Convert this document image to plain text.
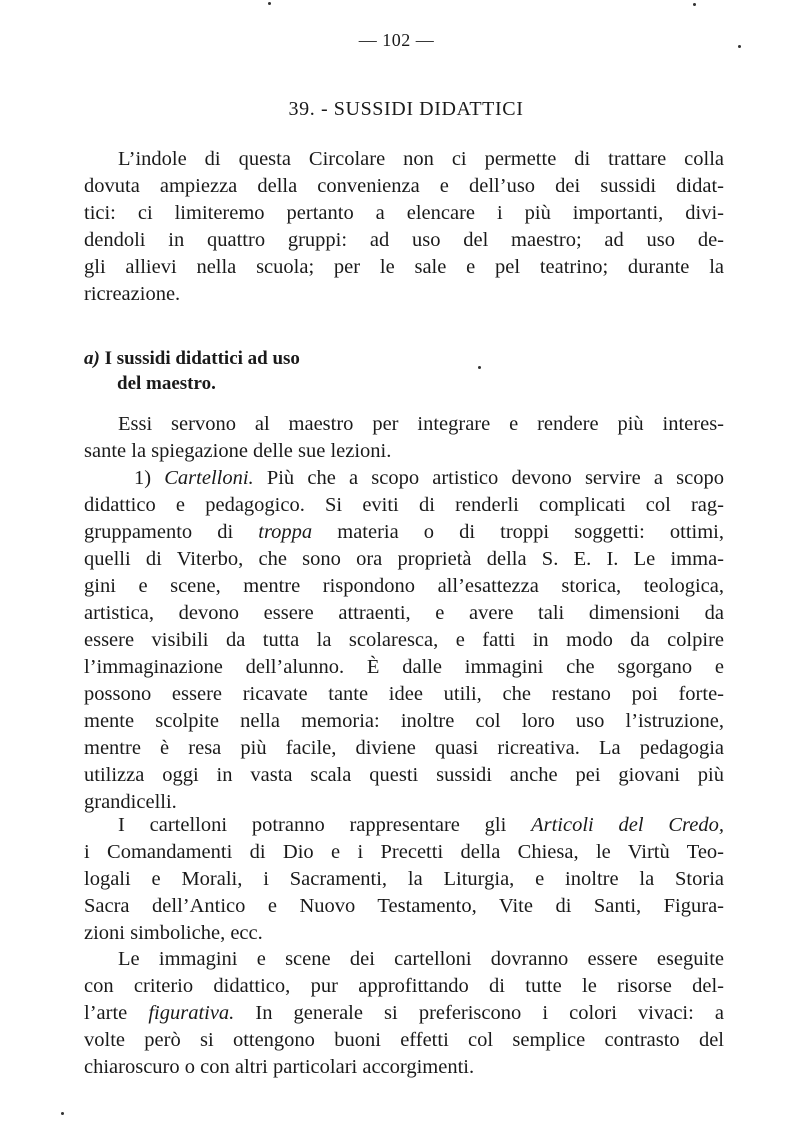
— 102 —
39. - SUSSIDI DIDATTICI
L’indole di questa Circolare non ci permette di trattare colla
dovuta ampiezza della convenienza e dell’uso dei sussidi didat-
tici: ci limiteremo pertanto a elencare i più importanti, divi-
dendoli in quattro gruppi: ad uso del maestro; ad uso de-
gli allievi nella scuola; per le sale e pel teatrino; durante la
ricreazione.
a) I sussidi didattici ad uso
del maestro.
Essi servono al maestro per integrare e rendere più interes-
sante la spiegazione delle sue lezioni.
1) Cartelloni. Più che a scopo artistico devono servire a scopo
didattico e pedagogico. Si eviti di renderli complicati col rag-
gruppamento di troppa materia o di troppi soggetti: ottimi,
quelli di Viterbo, che sono ora proprietà della S. E. I. Le imma-
gini e scene, mentre rispondono all’esattezza storica, teologica,
artistica, devono essere attraenti, e avere tali dimensioni da
essere visibili da tutta la scolaresca, e fatti in modo da colpire
l’immaginazione dell’alunno. È dalle immagini che sgorgano e
possono essere ricavate tante idee utili, che restano poi forte-
mente scolpite nella memoria: inoltre col loro uso l’istruzione,
mentre è resa più facile, diviene quasi ricreativa. La pedagogia
utilizza oggi in vasta scala questi sussidi anche pei giovani più
grandicelli.
I cartelloni potranno rappresentare gli Articoli del Credo,
i Comandamenti di Dio e i Precetti della Chiesa, le Virtù Teo-
logali e Morali, i Sacramenti, la Liturgia, e inoltre la Storia
Sacra dell’Antico e Nuovo Testamento, Vite di Santi, Figura-
zioni simboliche, ecc.
Le immagini e scene dei cartelloni dovranno essere eseguite
con criterio didattico, pur approfittando di tutte le risorse del-
l’arte figurativa. In generale si preferiscono i colori vivaci: a
volte però si ottengono buoni effetti col semplice contrasto del
chiaroscuro o con altri particolari accorgimenti.
